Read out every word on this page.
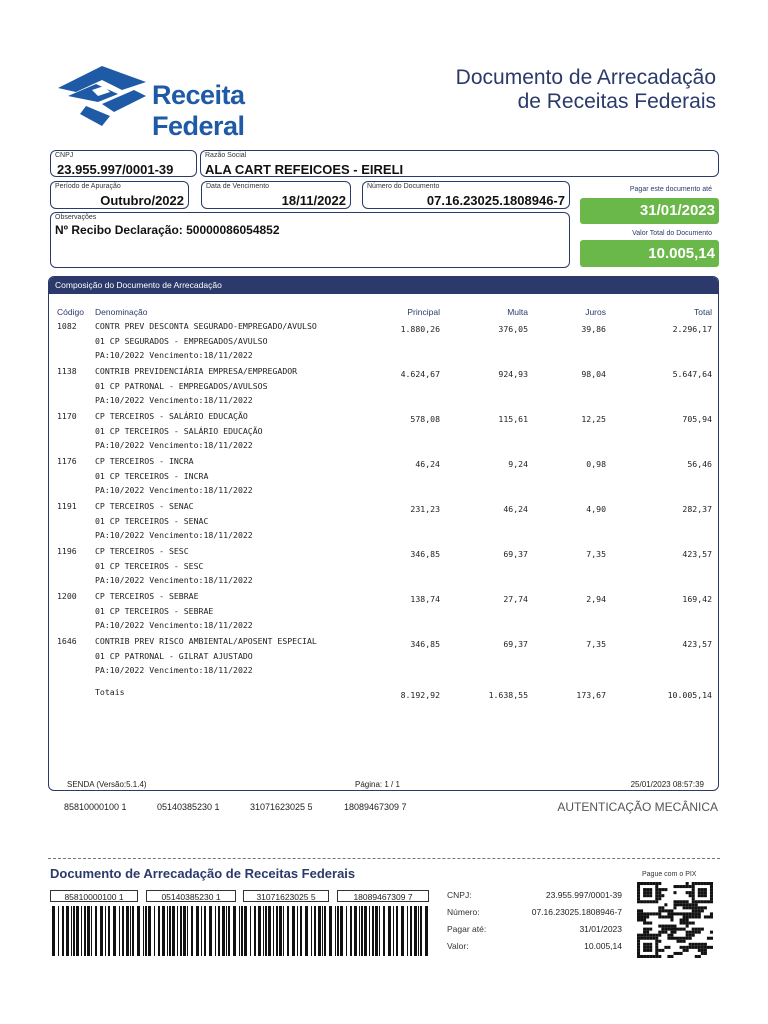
Receita Federal
Documento de Arrecadação
de Receitas Federais
CNPJ
23.955.997/0001-39
Razão Social
ALA CART REFEICOES - EIRELI
Período de Apuração
Outubro/2022
Data de Vencimento
18/11/2022
Número do Documento
07.16.23025.1808946-7
Pagar este documento até
31/01/2023
Observações
Nº Recibo Declaração: 50000086054852	Valor Total do Documento
10.005,14
Composição do Documento de Arrecadação
Código Denominação	Principal	Multa	Juros	Total
1082 CONTR PREV DESCONTA SEGURADO-EMPREGADO/AVULSO
01 CP SEGURADOS - EMPREGADOS/AVULSO
PA:10/2022 Vencimento:18/11/2022
1.880,26	376,05	39,86	2.296,17
1138 CONTRIB PREVIDENCIÁRIA EMPRESA/EMPREGADOR
01 CP PATRONAL - EMPREGADOS/AVULSOS
PA:10/2022 Vencimento:18/11/2022
4.624,67	924,93	98,04	5.647,64
1170 CP TERCEIROS - SALÁRIO EDUCAÇÃO
01 CP TERCEIROS - SALÁRIO EDUCAÇÃO
PA:10/2022 Vencimento:18/11/2022
578,08	115,61	12,25	705,94
1176 CP TERCEIROS - INCRA
01 CP TERCEIROS - INCRA
PA:10/2022 Vencimento:18/11/2022
46,24	9,24	0,98	56,46
1191 CP TERCEIROS - SENAC
01 CP TERCEIROS - SENAC
PA:10/2022 Vencimento:18/11/2022
231,23	46,24	4,90	282,37
1196 CP TERCEIROS - SESC
01 CP TERCEIROS - SESC
PA:10/2022 Vencimento:18/11/2022
346,85	69,37	7,35	423,57
1200 CP TERCEIROS - SEBRAE
01 CP TERCEIROS - SEBRAE
PA:10/2022 Vencimento:18/11/2022
138,74	27,74	2,94	169,42
1646 CONTRIB PREV RISCO AMBIENTAL/APOSENT ESPECIAL
01 CP PATRONAL - GILRAT AJUSTADO
PA:10/2022 Vencimento:18/11/2022
346,85	69,37	7,35	423,57
Totais	8.192,92	1.638,55	173,67	10.005,14
SENDA (Versão:5.1.4)	Página: 1 / 1	25/01/2023 08:57:39
85810000100 1	05140385230 1	31071623025 5	18089467309 7	AUTENTICAÇÃO MECÂNICA
Documento de Arrecadação de Receitas Federais	Pague com o PIX
85810000100 1	05140385230 1	31071623025 5	18089467309 7	CNPJ:	23.955.997/0001-39
Número:	07.16.23025.1808946-7
Pagar até:	31/01/2023
Valor:	10.005,14
